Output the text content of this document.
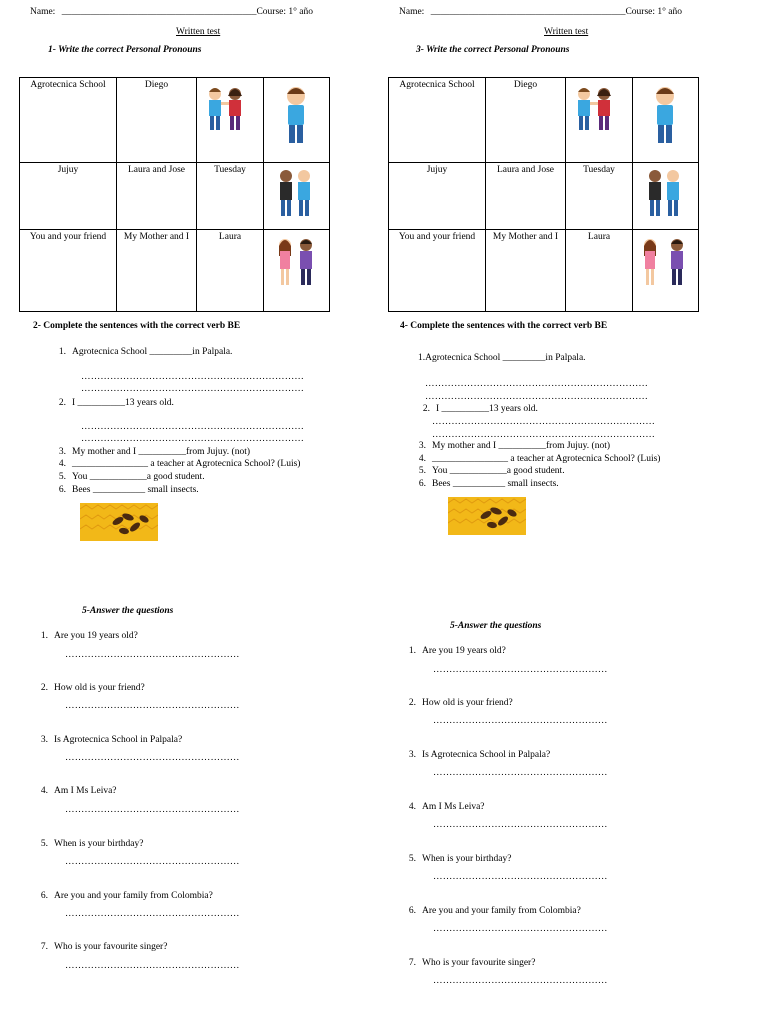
Name: _________________________________________Course: 1° año
Written test
1- Write the correct Personal Pronouns
Agrotecnica School	Diego	

Jujuy	Laura and Jose	Tuesday	

You and your friend	My Mother and I	Laura	
2- Complete the sentences with the correct verb BE
1. Agrotecnica School _________in Palpala.
……………………………………………………………
……………………………………………………………
2. I __________13 years old.
……………………………………………………………
……………………………………………………………
3. My mother and I __________from Jujuy. (not)
4. ________________ a teacher at Agrotecnica School? (Luis)
5. You ____________a good student.
6. Bees ___________ small insects.
5-Answer the questions
1. Are you 19 years old?
………………………………………………
2. How old is your friend?
………………………………………………
3. Is Agrotecnica School in Palpala?
………………………………………………
4. Am I Ms Leiva?
………………………………………………
5. When is your birthday?
………………………………………………
6. Are you and your family from Colombia?
………………………………………………
7. Who is your favourite singer?
………………………………………………
Name: _________________________________________Course: 1° año
Written test
3- Write the correct Personal Pronouns
Agrotecnica School	Diego	

Jujuy	Laura and Jose	Tuesday	

You and your friend	My Mother and I	Laura	
4- Complete the sentences with the correct verb BE
1.Agrotecnica School _________in Palpala.
……………………………………………………………
……………………………………………………………
2. I __________13 years old.
……………………………………………………………
……………………………………………………………
3. My mother and I __________from Jujuy. (not)
4. ________________ a teacher at Agrotecnica School? (Luis)
5. You ____________a good student.
6. Bees ___________ small insects.
5-Answer the questions
1. Are you 19 years old?
………………………………………………
2. How old is your friend?
………………………………………………
3. Is Agrotecnica School in Palpala?
………………………………………………
4. Am I Ms Leiva?
………………………………………………
5. When is your birthday?
………………………………………………
6. Are you and your family from Colombia?
………………………………………………
7. Who is your favourite singer?
………………………………………………
